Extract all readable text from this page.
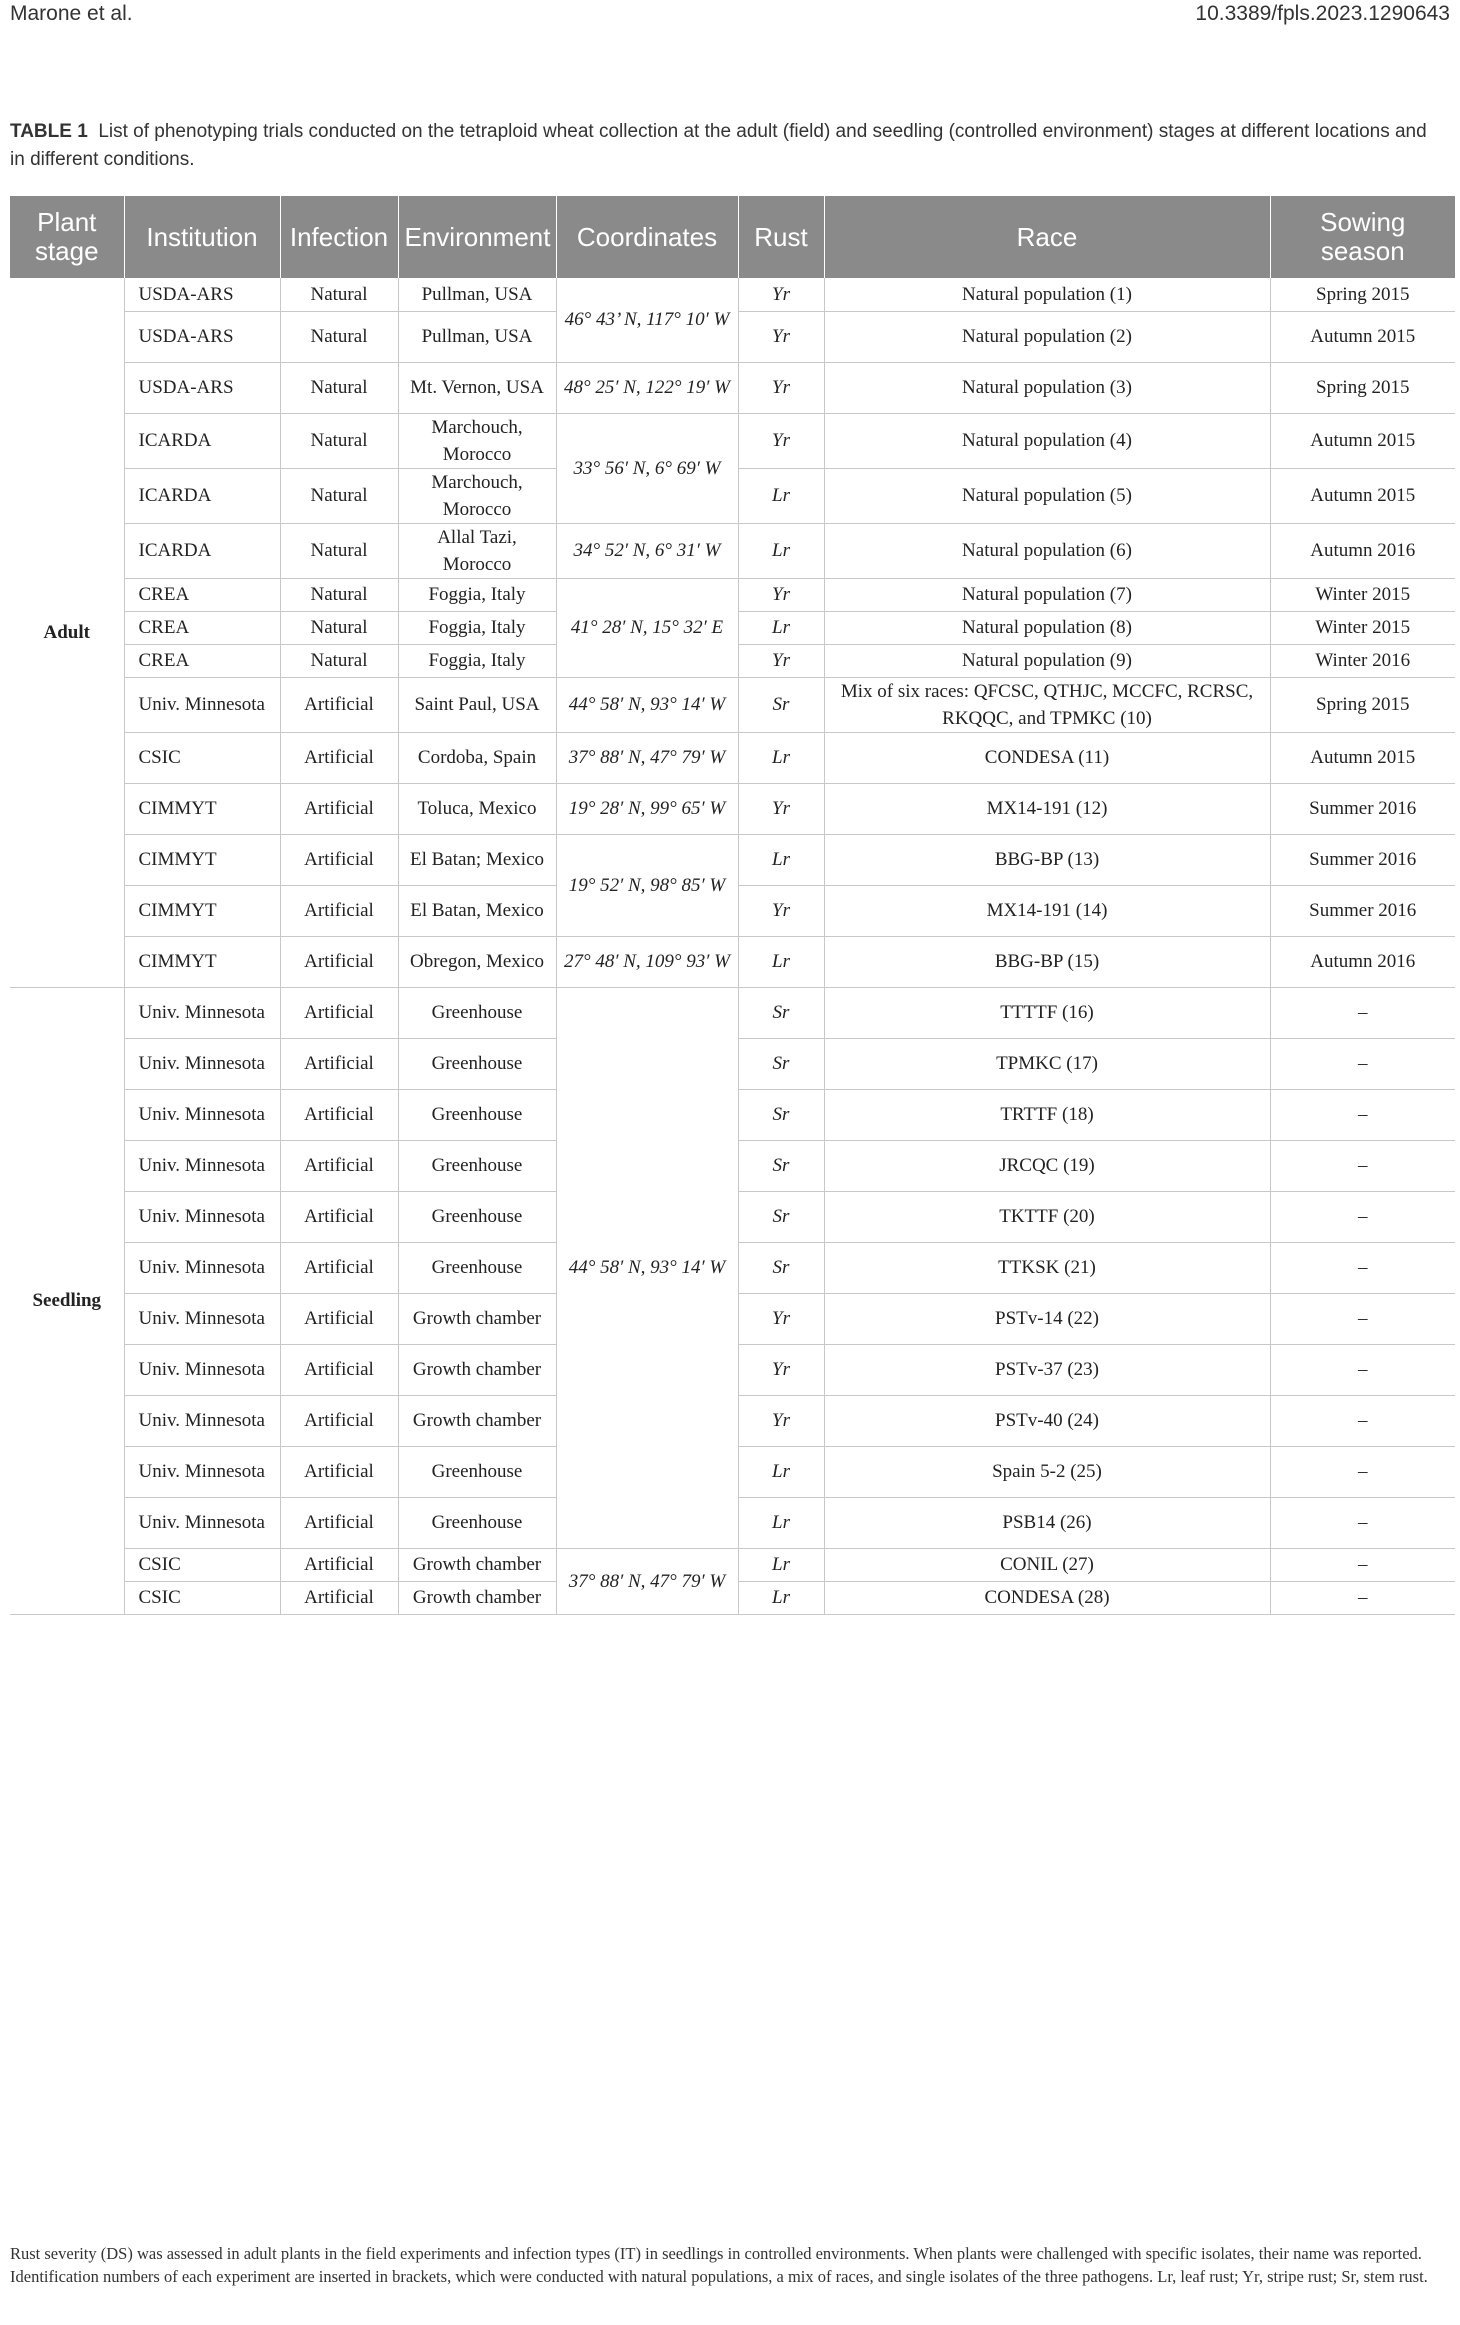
Marone et al.	10.3389/fpls.2023.1290643
TABLE 1 List of phenotyping trials conducted on the tetraploid wheat collection at the adult (field) and seedling (controlled environment) stages at different locations and in different conditions.
Plant stage	Institution	Infection	Environment	Coordinates	Rust	Race	Sowing season
Adult	USDA-ARS	Natural	Pullman, USA	46° 43’ N, 117° 10′ W	Yr	Natural population (1)	Spring 2015
	USDA-ARS	Natural	Pullman, USA		Yr	Natural population (2)	Autumn 2015
	USDA-ARS	Natural	Mt. Vernon, USA	48° 25′ N, 122° 19′ W	Yr	Natural population (3)	Spring 2015
	ICARDA	Natural	Marchouch, Morocco	33° 56′ N, 6° 69′ W	Yr	Natural population (4)	Autumn 2015
	ICARDA	Natural	Marchouch, Morocco		Lr	Natural population (5)	Autumn 2015
	ICARDA	Natural	Allal Tazi, Morocco	34° 52′ N, 6° 31′ W	Lr	Natural population (6)	Autumn 2016
	CREA	Natural	Foggia, Italy	41° 28′ N, 15° 32′ E	Yr	Natural population (7)	Winter 2015
	CREA	Natural	Foggia, Italy		Lr	Natural population (8)	Winter 2015
	CREA	Natural	Foggia, Italy		Yr	Natural population (9)	Winter 2016
	Univ. Minnesota	Artificial	Saint Paul, USA	44° 58′ N, 93° 14′ W	Sr	Mix of six races: QFCSC, QTHJC, MCCFC, RCRSC, RKQQC, and TPMKC (10)	Spring 2015
	CSIC	Artificial	Cordoba, Spain	37° 88′ N, 47° 79′ W	Lr	CONDESA (11)	Autumn 2015
	CIMMYT	Artificial	Toluca, Mexico	19° 28′ N, 99° 65′ W	Yr	MX14-191 (12)	Summer 2016
	CIMMYT	Artificial	El Batan; Mexico	19° 52′ N, 98° 85′ W	Lr	BBG-BP (13)	Summer 2016
	CIMMYT	Artificial	El Batan, Mexico		Yr	MX14-191 (14)	Summer 2016
	CIMMYT	Artificial	Obregon, Mexico	27° 48′ N, 109° 93′ W	Lr	BBG-BP (15)	Autumn 2016
Seedling	Univ. Minnesota	Artificial	Greenhouse	44° 58′ N, 93° 14′ W	Sr	TTTTF (16)	–
	Univ. Minnesota	Artificial	Greenhouse		Sr	TPMKC (17)	–
	Univ. Minnesota	Artificial	Greenhouse		Sr	TRTTF (18)	–
	Univ. Minnesota	Artificial	Greenhouse		Sr	JRCQC (19)	–
	Univ. Minnesota	Artificial	Greenhouse		Sr	TKTTF (20)	–
	Univ. Minnesota	Artificial	Greenhouse		Sr	TTKSK (21)	–
	Univ. Minnesota	Artificial	Growth chamber		Yr	PSTv-14 (22)	–
	Univ. Minnesota	Artificial	Growth chamber		Yr	PSTv-37 (23)	–
	Univ. Minnesota	Artificial	Growth chamber		Yr	PSTv-40 (24)	–
	Univ. Minnesota	Artificial	Greenhouse		Lr	Spain 5-2 (25)	–
	Univ. Minnesota	Artificial	Greenhouse		Lr	PSB14 (26)	–
	CSIC	Artificial	Growth chamber	37° 88′ N, 47° 79′ W	Lr	CONIL (27)	–
	CSIC	Artificial	Growth chamber		Lr	CONDESA (28)	–
Rust severity (DS) was assessed in adult plants in the field experiments and infection types (IT) in seedlings in controlled environments. When plants were challenged with specific isolates, their name was reported. Identification numbers of each experiment are inserted in brackets, which were conducted with natural populations, a mix of races, and single isolates of the three pathogens. Lr, leaf rust; Yr, stripe rust; Sr, stem rust.
